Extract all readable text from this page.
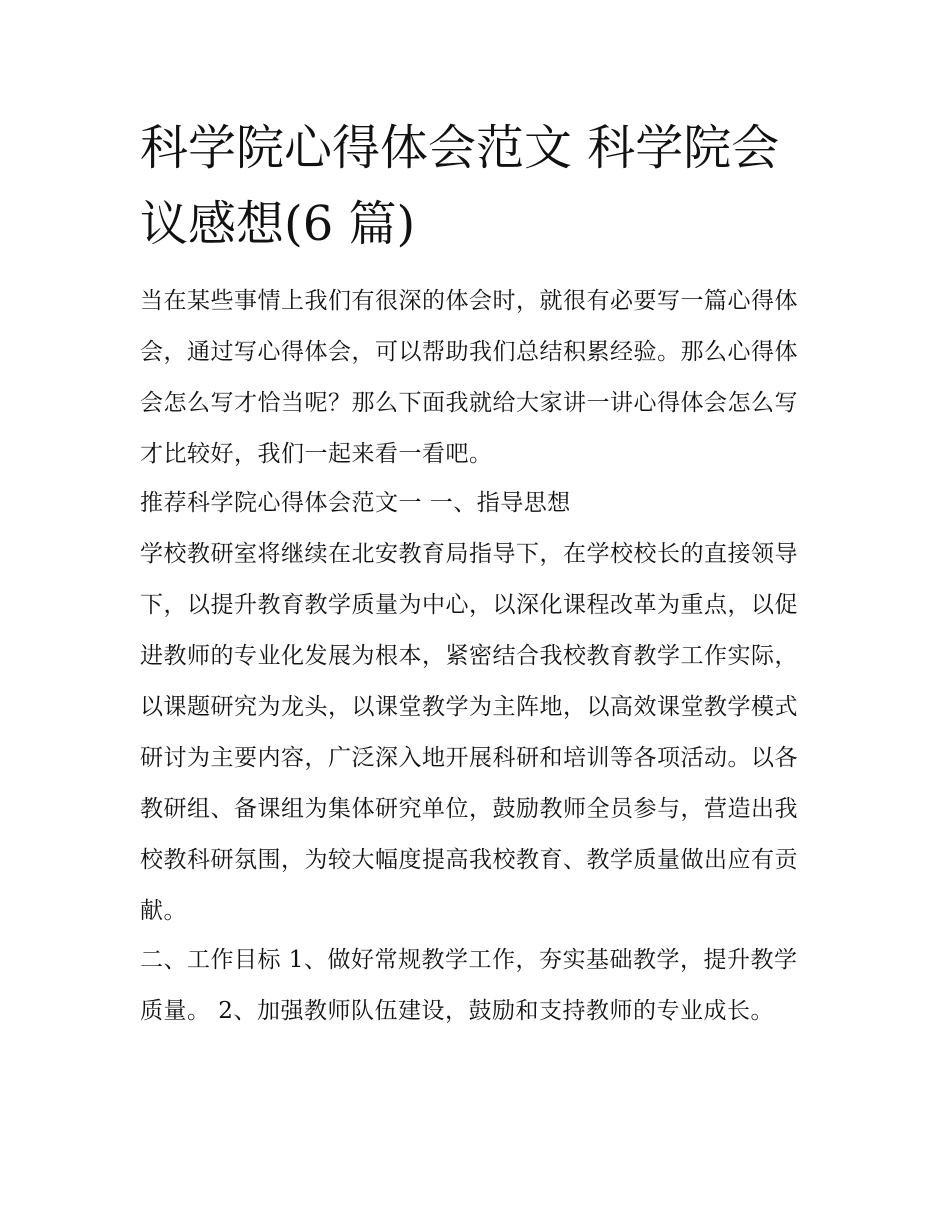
科学院心得体会范文 科学院会议感想(6 篇)

当在某些事情上我们有很深的体会时，就很有必要写一篇心得体会，通过写心得体会，可以帮助我们总结积累经验。那么心得体会怎么写才恰当呢？那么下面我就给大家讲一讲心得体会怎么写才比较好，我们一起来看一看吧。

推荐科学院心得体会范文一 一、指导思想

学校教研室将继续在北安教育局指导下，在学校校长的直接领导下，以提升教育教学质量为中心，以深化课程改革为重点，以促进教师的专业化发展为根本，紧密结合我校教育教学工作实际，以课题研究为龙头，以课堂教学为主阵地，以高效课堂教学模式研讨为主要内容，广泛深入地开展科研和培训等各项活动。以各教研组、备课组为集体研究单位，鼓励教师全员参与，营造出我校教科研氛围，为较大幅度提高我校教育、教学质量做出应有贡献。

二、工作目标 1、做好常规教学工作，夯实基础教学，提升教学质量。 2、加强教师队伍建设，鼓励和支持教师的专业成长。
